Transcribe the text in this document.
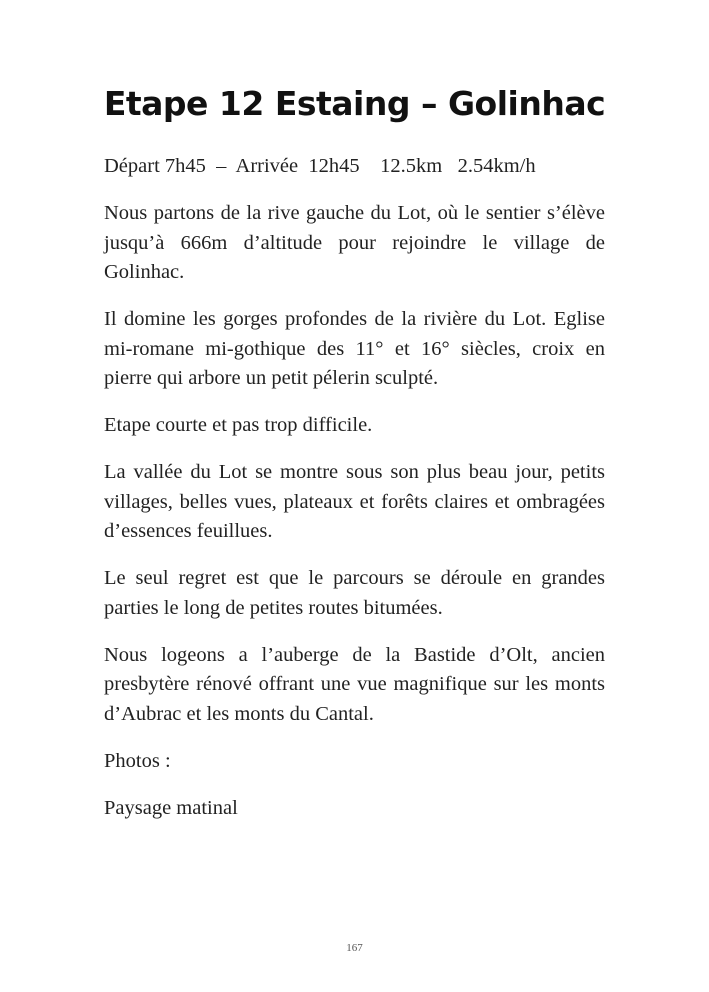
Etape 12 Estaing – Golinhac

Départ 7h45  –  Arrivée  12h45    12.5km   2.54km/h

Nous partons de la rive gauche du Lot, où le sentier s’élève jusqu’à 666m d’altitude pour rejoindre le village de Golinhac.

Il domine les gorges profondes de la rivière du Lot. Eglise mi-romane mi-gothique des 11° et 16° siècles, croix en pierre qui arbore un petit pélerin sculpté.

Etape courte et pas trop difficile.

La vallée du Lot se montre sous son plus beau jour, petits villages, belles vues, plateaux et forêts claires et ombragées d’essences feuillues.

Le seul regret est que le parcours se déroule en grandes parties le long de petites routes bitumées.

Nous logeons a l’auberge de la Bastide d’Olt, ancien presbytère rénové offrant une vue magnifique sur les monts d’Aubrac et les monts du Cantal.

Photos :

Paysage matinal

167
